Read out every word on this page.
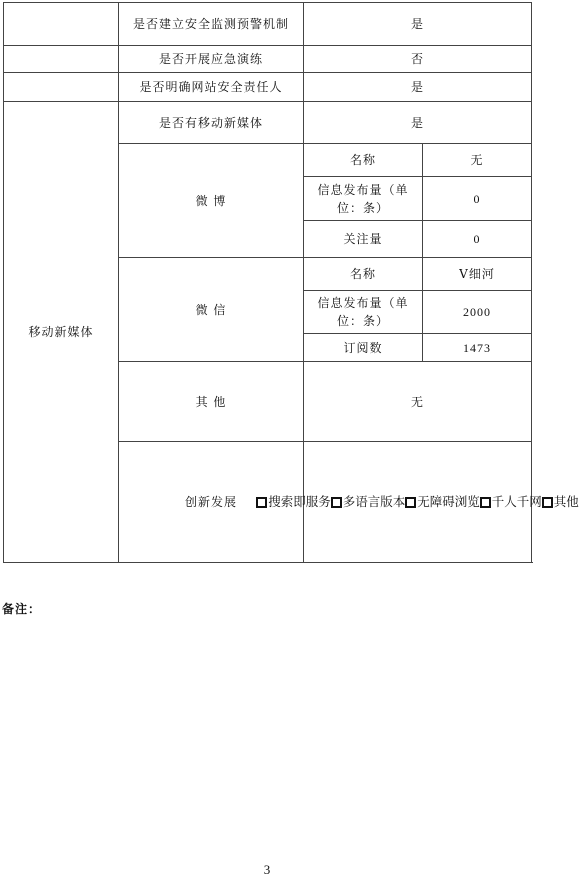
	是否建立安全监测预警机制	是	
	是否开展应急演练	否	
	是否明确网站安全责任人	是	
移动新媒体	是否有移动新媒体	是	
	微 博	名称	无
		信息发布量（单位：条）	0
		关注量	0
	微 信	名称	V细河
		信息发布量（单位：条）	2000
		订阅数	1473
	其 他	无	
	创新发展	搜索即服务 多语言版本 无障碍浏览 千人千网 其他	
备注：
3
